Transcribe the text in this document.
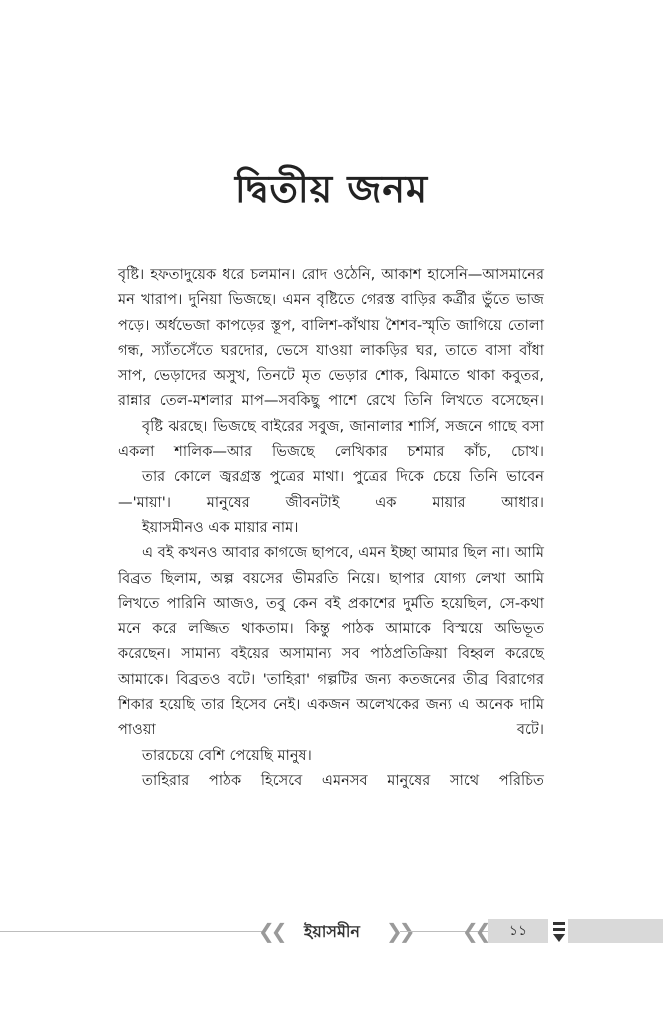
দ্বিতীয় জনম

বৃষ্টি। হফতাদুয়েক ধরে চলমান। রোদ ওঠেনি, আকাশ হাসেনি—আসমানের মন খারাপ। দুনিয়া ভিজছে। এমন বৃষ্টিতে গেরস্ত বাড়ির কর্ত্রীর ভুঁতে ভাজ পড়ে। অর্ধভেজা কাপড়ের স্তূপ, বালিশ-কাঁথায় শৈশব-স্মৃতি জাগিয়ে তোলা গন্ধ, স্যাঁতসেঁতে ঘরদোর, ভেসে যাওয়া লাকড়ির ঘর, তাতে বাসা বাঁধা সাপ, ভেড়াদের অসুখ, তিনটে মৃত ভেড়ার শোক, ঝিমাতে থাকা কবুতর, রান্নার তেল-মশলার মাপ—সবকিছু পাশে রেখে তিনি লিখতে বসেছেন।

বৃষ্টি ঝরছে। ভিজছে বাইরের সবুজ, জানালার শার্সি, সজনে গাছে বসা একলা শালিক—আর ভিজছে লেখিকার চশমার কাঁচ, চোখ।

তার কোলে জ্বরগ্রস্ত পুত্রের মাথা। পুত্রের দিকে চেয়ে তিনি ভাবেন—'মায়া'। মানুষের জীবনটাই এক মায়ার আধার।

ইয়াসমীনও এক মায়ার নাম।

এ বই কখনও আবার কাগজে ছাপবে, এমন ইচ্ছা আমার ছিল না। আমি বিব্রত ছিলাম, অল্প বয়সের ভীমরতি নিয়ে। ছাপার যোগ্য লেখা আমি লিখতে পারিনি আজও, তবু কেন বই প্রকাশের দুর্মতি হয়েছিল, সে-কথা মনে করে লজ্জিত থাকতাম। কিন্তু পাঠক আমাকে বিস্ময়ে অভিভূত করেছেন। সামান্য বইয়ের অসামান্য সব পাঠপ্রতিক্রিয়া বিহ্বল করেছে আমাকে। বিব্রতও বটে। 'তাহিরা' গল্পটির জন্য কতজনের তীব্র বিরাগের শিকার হয়েছি তার হিসেব নেই। একজন অলেখকের জন্য এ অনেক দামি পাওয়া বটে।

তারচেয়ে বেশি পেয়েছি মানুষ।

তাহিরার পাঠক হিসেবে এমনসব মানুষের সাথে পরিচিত

❮❮	ইয়াসমীন	❯❯	❮❮	১১
